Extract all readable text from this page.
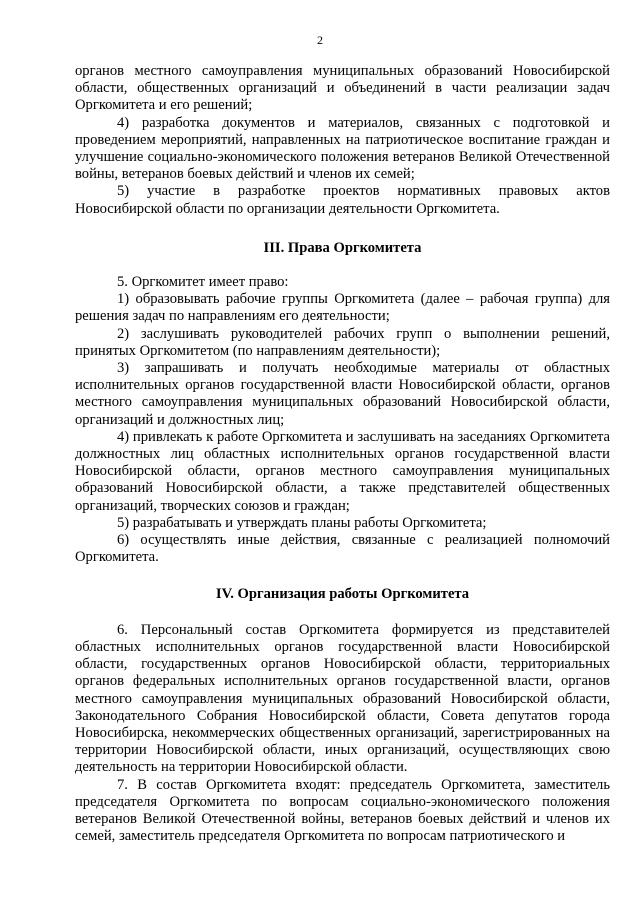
2

органов местного самоуправления муниципальных образований Новосибирской области, общественных организаций и объединений в части реализации задач Оргкомитета и его решений;

4) разработка документов и материалов, связанных с подготовкой и проведением мероприятий, направленных на патриотическое воспитание граждан и улучшение социально-экономического положения ветеранов Великой Отечественной войны, ветеранов боевых действий и членов их семей;

5) участие в разработке проектов нормативных правовых актов Новосибирской области по организации деятельности Оргкомитета.

III. Права Оргкомитета

5. Оргкомитет имеет право:

1) образовывать рабочие группы Оргкомитета (далее – рабочая группа) для решения задач по направлениям его деятельности;

2) заслушивать руководителей рабочих групп о выполнении решений, принятых Оргкомитетом (по направлениям деятельности);

3) запрашивать и получать необходимые материалы от областных исполнительных органов государственной власти Новосибирской области, органов местного самоуправления муниципальных образований Новосибирской области, организаций и должностных лиц;

4) привлекать к работе Оргкомитета и заслушивать на заседаниях Оргкомитета должностных лиц областных исполнительных органов государственной власти Новосибирской области, органов местного самоуправления муниципальных образований Новосибирской области, а также представителей общественных организаций, творческих союзов и граждан;

5) разрабатывать и утверждать планы работы Оргкомитета;

6) осуществлять иные действия, связанные с реализацией полномочий Оргкомитета.

IV. Организация работы Оргкомитета

6. Персональный состав Оргкомитета формируется из представителей областных исполнительных органов государственной власти Новосибирской области, государственных органов Новосибирской области, территориальных органов федеральных исполнительных органов государственной власти, органов местного самоуправления муниципальных образований Новосибирской области, Законодательного Собрания Новосибирской области, Совета депутатов города Новосибирска, некоммерческих общественных организаций, зарегистрированных на территории Новосибирской области, иных организаций, осуществляющих свою деятельность на территории Новосибирской области.

7. В состав Оргкомитета входят: председатель Оргкомитета, заместитель председателя Оргкомитета по вопросам социально-экономического положения ветеранов Великой Отечественной войны, ветеранов боевых действий и членов их семей, заместитель председателя Оргкомитета по вопросам патриотического и
